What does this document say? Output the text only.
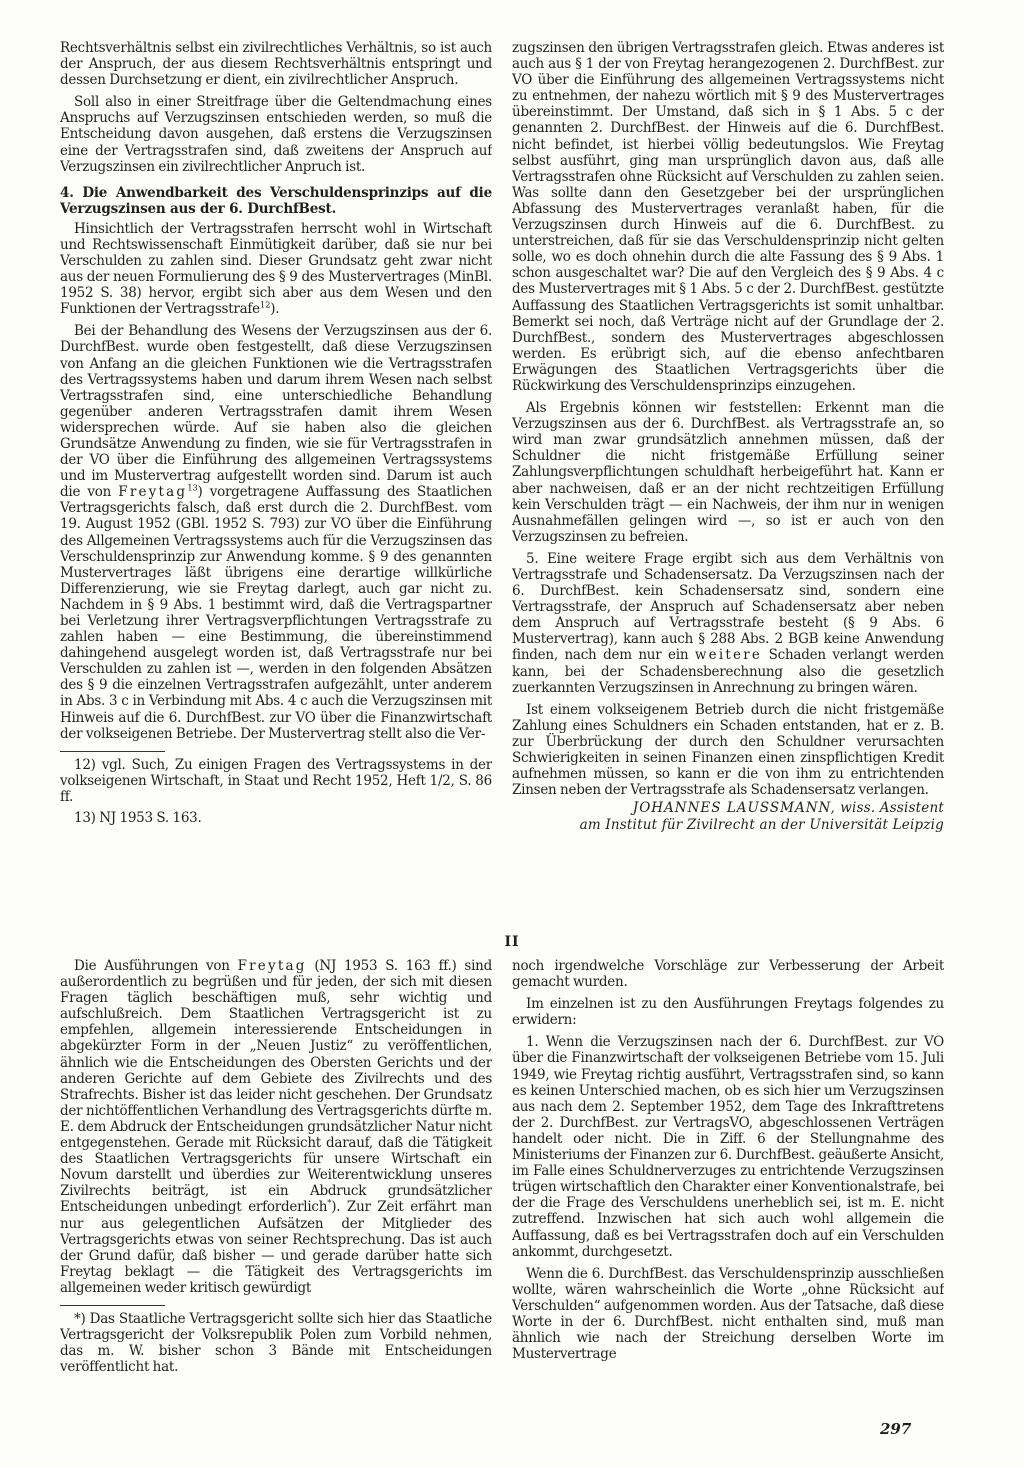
Rechtsverhältnis selbst ein zivilrechtliches Verhältnis, so ist auch der Anspruch, der aus diesem Rechtsverhältnis entspringt und dessen Durchsetzung er dient, ein zivilrechtlicher Anspruch.

Soll also in einer Streitfrage über die Geltendmachung eines Anspruchs auf Verzugszinsen entschieden werden, so muß die Entscheidung davon ausgehen, daß erstens die Verzugszinsen eine der Vertragsstrafen sind, daß zweitens der Anspruch auf Verzugszinsen ein zivilrechtlicher Anpruch ist.

4. Die Anwendbarkeit des Verschuldensprinzips auf die Verzugszinsen aus der 6. DurchfBest.

Hinsichtlich der Vertragsstrafen herrscht wohl in Wirtschaft und Rechtswissenschaft Einmütigkeit darüber, daß sie nur bei Verschulden zu zahlen sind. Dieser Grundsatz geht zwar nicht aus der neuen Formulierung des § 9 des Mustervertrages (MinBl. 1952 S. 38) hervor, ergibt sich aber aus dem Wesen und den Funktionen der Vertragsstrafe$^{12}$).

Bei der Behandlung des Wesens der Verzugszinsen aus der 6. DurchfBest. wurde oben festgestellt, daß diese Verzugszinsen von Anfang an die gleichen Funktionen wie die Vertragsstrafen des Vertragssystems haben und darum ihrem Wesen nach selbst Vertragsstrafen sind, eine unterschiedliche Behandlung gegenüber anderen Vertragsstrafen damit ihrem Wesen widersprechen würde. Auf sie haben also die gleichen Grundsätze Anwendung zu finden, wie sie für Vertragsstrafen in der VO über die Einführung des allgemeinen Vertragssystems und im Mustervertrag aufgestellt worden sind. Darum ist auch die von Freytag$^{13}$) vorgetragene Auffassung des Staatlichen Vertragsgerichts falsch, daß erst durch die 2. DurchfBest. vom 19. August 1952 (GBl. 1952 S. 793) zur VO über die Einführung des Allgemeinen Vertragssystems auch für die Verzugszinsen das Verschuldensprinzip zur Anwendung komme. § 9 des genannten Mustervertrages läßt übrigens eine derartige willkürliche Differenzierung, wie sie Freytag darlegt, auch gar nicht zu. Nachdem in § 9 Abs. 1 bestimmt wird, daß die Vertragspartner bei Verletzung ihrer Vertragsverpflichtungen Vertragsstrafe zu zahlen haben — eine Bestimmung, die übereinstimmend dahingehend ausgelegt worden ist, daß Vertragsstrafe nur bei Verschulden zu zahlen ist —, werden in den folgenden Absätzen des § 9 die einzelnen Vertragsstrafen aufgezählt, unter anderem in Abs. 3 c in Verbindung mit Abs. 4 c auch die Verzugszinsen mit Hinweis auf die 6. DurchfBest. zur VO über die Finanzwirtschaft der volkseigenen Betriebe. Der Mustervertrag stellt also die Ver-

12) vgl. Such, Zu einigen Fragen des Vertragssystems in der volkseigenen Wirtschaft, in Staat und Recht 1952, Heft 1/2, S. 86 ff.

13) NJ 1953 S. 163.

zugszinsen den übrigen Vertragsstrafen gleich. Etwas anderes ist auch aus § 1 der von Freytag herangezogenen 2. DurchfBest. zur VO über die Einführung des allgemeinen Vertragssystems nicht zu entnehmen, der nahezu wörtlich mit § 9 des Mustervertrages übereinstimmt. Der Umstand, daß sich in § 1 Abs. 5 c der genannten 2. DurchfBest. der Hinweis auf die 6. DurchfBest. nicht befindet, ist hierbei völlig bedeutungslos. Wie Freytag selbst ausführt, ging man ursprünglich davon aus, daß alle Vertragsstrafen ohne Rücksicht auf Verschulden zu zahlen seien. Was sollte dann den Gesetzgeber bei der ursprünglichen Abfassung des Mustervertrages veranlaßt haben, für die Verzugszinsen durch Hinweis auf die 6. DurchfBest. zu unterstreichen, daß für sie das Verschuldensprinzip nicht gelten solle, wo es doch ohnehin durch die alte Fassung des § 9 Abs. 1 schon ausgeschaltet war? Die auf den Vergleich des § 9 Abs. 4 c des Mustervertrages mit § 1 Abs. 5 c der 2. DurchfBest. gestützte Auffassung des Staatlichen Vertragsgerichts ist somit unhaltbar. Bemerkt sei noch, daß Verträge nicht auf der Grundlage der 2. DurchfBest., sondern des Mustervertrages abgeschlossen werden. Es erübrigt sich, auf die ebenso anfechtbaren Erwägungen des Staatlichen Vertragsgerichts über die Rückwirkung des Verschuldensprinzips einzugehen.

Als Ergebnis können wir feststellen: Erkennt man die Verzugszinsen aus der 6. DurchfBest. als Vertragsstrafe an, so wird man zwar grundsätzlich annehmen müssen, daß der Schuldner die nicht fristgemäße Erfüllung seiner Zahlungsverpflichtungen schuldhaft herbeigeführt hat. Kann er aber nachweisen, daß er an der nicht rechtzeitigen Erfüllung kein Verschulden trägt — ein Nachweis, der ihm nur in wenigen Ausnahmefällen gelingen wird —, so ist er auch von den Verzugszinsen zu befreien.

5. Eine weitere Frage ergibt sich aus dem Verhältnis von Vertragsstrafe und Schadensersatz. Da Verzugszinsen nach der 6. DurchfBest. kein Schadensersatz sind, sondern eine Vertragsstrafe, der Anspruch auf Schadensersatz aber neben dem Anspruch auf Vertragsstrafe besteht (§ 9 Abs. 6 Mustervertrag), kann auch § 288 Abs. 2 BGB keine Anwendung finden, nach dem nur ein weitere Schaden verlangt werden kann, bei der Schadensberechnung also die gesetzlich zuerkannten Verzugszinsen in Anrechnung zu bringen wären.

Ist einem volkseigenem Betrieb durch die nicht fristgemäße Zahlung eines Schuldners ein Schaden entstanden, hat er z. B. zur Überbrückung der durch den Schuldner verursachten Schwierigkeiten in seinen Finanzen einen zinspflichtigen Kredit aufnehmen müssen, so kann er die von ihm zu entrichtenden Zinsen neben der Vertragsstrafe als Schadensersatz verlangen.

JOHANNES LAUSSMANN, wiss. Assistent
am Institut für Zivilrecht an der Universität Leipzig
II

Die Ausführungen von Freytag (NJ 1953 S. 163 ff.) sind außerordentlich zu begrüßen und für jeden, der sich mit diesen Fragen täglich beschäftigen muß, sehr wichtig und aufschlußreich. Dem Staatlichen Vertragsgericht ist zu empfehlen, allgemein interessierende Entscheidungen in abgekürzter Form in der „Neuen Justiz“ zu veröffentlichen, ähnlich wie die Entscheidungen des Obersten Gerichts und der anderen Gerichte auf dem Gebiete des Zivilrechts und des Strafrechts. Bisher ist das leider nicht geschehen. Der Grundsatz der nichtöffentlichen Verhandlung des Vertragsgerichts dürfte m. E. dem Abdruck der Entscheidungen grundsätzlicher Natur nicht entgegenstehen. Gerade mit Rücksicht darauf, daß die Tätigkeit des Staatlichen Vertragsgerichts für unsere Wirtschaft ein Novum darstellt und überdies zur Weiterentwicklung unseres Zivilrechts beiträgt, ist ein Abdruck grundsätzlicher Entscheidungen unbedingt erforderlich*). Zur Zeit erfährt man nur aus gelegentlichen Aufsätzen der Mitglieder des Vertragsgerichts etwas von seiner Rechtsprechung. Das ist auch der Grund dafür, daß bisher — und gerade darüber hatte sich Freytag beklagt — die Tätigkeit des Vertragsgerichts im allgemeinen weder kritisch gewürdigt

*) Das Staatliche Vertragsgericht sollte sich hier das Staatliche Vertragsgericht der Volksrepublik Polen zum Vorbild nehmen, das m. W. bisher schon 3 Bände mit Entscheidungen veröffentlicht hat.

noch irgendwelche Vorschläge zur Verbesserung der Arbeit gemacht wurden.

Im einzelnen ist zu den Ausführungen Freytags folgendes zu erwidern:

1. Wenn die Verzugszinsen nach der 6. DurchfBest. zur VO über die Finanzwirtschaft der volkseigenen Betriebe vom 15. Juli 1949, wie Freytag richtig ausführt, Vertragsstrafen sind, so kann es keinen Unterschied machen, ob es sich hier um Verzugszinsen aus nach dem 2. September 1952, dem Tage des Inkrafttretens der 2. DurchfBest. zur VertragsVO, abgeschlossenen Verträgen handelt oder nicht. Die in Ziff. 6 der Stellungnahme des Ministeriums der Finanzen zur 6. DurchfBest. geäußerte Ansicht, im Falle eines Schuldnerverzuges zu entrichtende Verzugszinsen trügen wirtschaftlich den Charakter einer Konventionalstrafe, bei der die Frage des Verschuldens unerheblich sei, ist m. E. nicht zutreffend. Inzwischen hat sich auch wohl allgemein die Auffassung, daß es bei Vertragsstrafen doch auf ein Verschulden ankommt, durchgesetzt.

Wenn die 6. DurchfBest. das Verschuldensprinzip ausschließen wollte, wären wahrscheinlich die Worte „ohne Rücksicht auf Verschulden“ aufgenommen worden. Aus der Tatsache, daß diese Worte in der 6. DurchfBest. nicht enthalten sind, muß man ähnlich wie nach der Streichung derselben Worte im Mustervertrage

297
